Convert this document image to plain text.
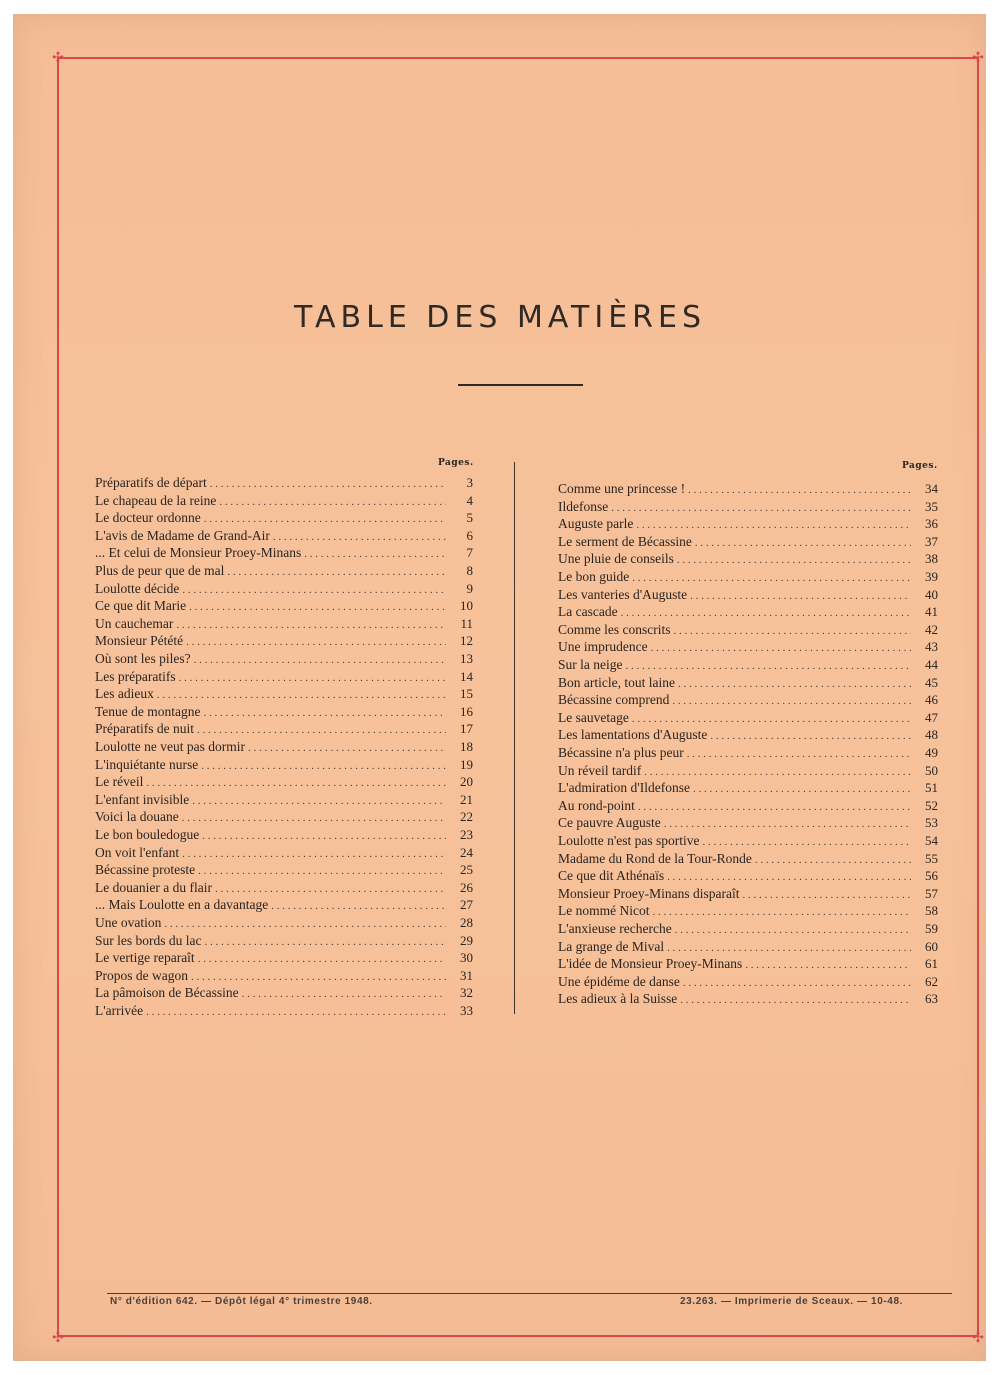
✣	✣
✣	✣
TABLE DES MATIÈRES
Pages.	Pages.
Préparatifs de départ . . .	3
Le chapeau de la reine . . .	4
Le docteur ordonne . . .	5
L'avis de Madame de Grand-Air . . .	6
... Et celui de Monsieur Proey-Minans . . .	7
Plus de peur que de mal . . .	8
Loulotte décide . . .	9
Ce que dit Marie . . .	10
Un cauchemar . . .	11
Monsieur Pétété . . .	12
Où sont les piles? . . .	13
Les préparatifs . . .	14
Les adieux . . .	15
Tenue de montagne . . .	16
Préparatifs de nuit . . .	17
Loulotte ne veut pas dormir . . .	18
L'inquiétante nurse . . .	19
Le réveil . . .	20
L'enfant invisible . . .	21
Voici la douane . . .	22
Le bon bouledogue . . .	23
On voit l'enfant . . .	24
Bécassine proteste . . .	25
Le douanier a du flair . . .	26
... Mais Loulotte en a davantage . . .	27
Une ovation . . .	28
Sur les bords du lac . . .	29
Le vertige reparaît . . .	30
Propos de wagon . . .	31
La pâmoison de Bécassine . . .	32
L'arrivée . . .	33
Comme une princesse ! . . .	34
Ildefonse . . .	35
Auguste parle . . .	36
Le serment de Bécassine . . .	37
Une pluie de conseils . . .	38
Le bon guide . . .	39
Les vanteries d'Auguste . . .	40
La cascade . . .	41
Comme les conscrits . . .	42
Une imprudence . . .	43
Sur la neige . . .	44
Bon article, tout laine . . .	45
Bécassine comprend . . .	46
Le sauvetage . . .	47
Les lamentations d'Auguste . . .	48
Bécassine n'a plus peur . . .	49
Un réveil tardif . . .	50
L'admiration d'Ildefonse . . .	51
Au rond-point . . .	52
Ce pauvre Auguste . . .	53
Loulotte n'est pas sportive . . .	54
Madame du Rond de la Tour-Ronde . . .	55
Ce que dit Athénaïs . . .	56
Monsieur Proey-Minans disparaît . . .	57
Le nommé Nicot . . .	58
L'anxieuse recherche . . .	59
La grange de Mival . . .	60
L'idée de Monsieur Proey-Minans . . .	61
Une épidéme de danse . . .	62
Les adieux à la Suisse . . .	63
N° d'édition 642. — Dépôt légal 4° trimestre 1948.	23.263. — Imprimerie de Sceaux. — 10-48.
